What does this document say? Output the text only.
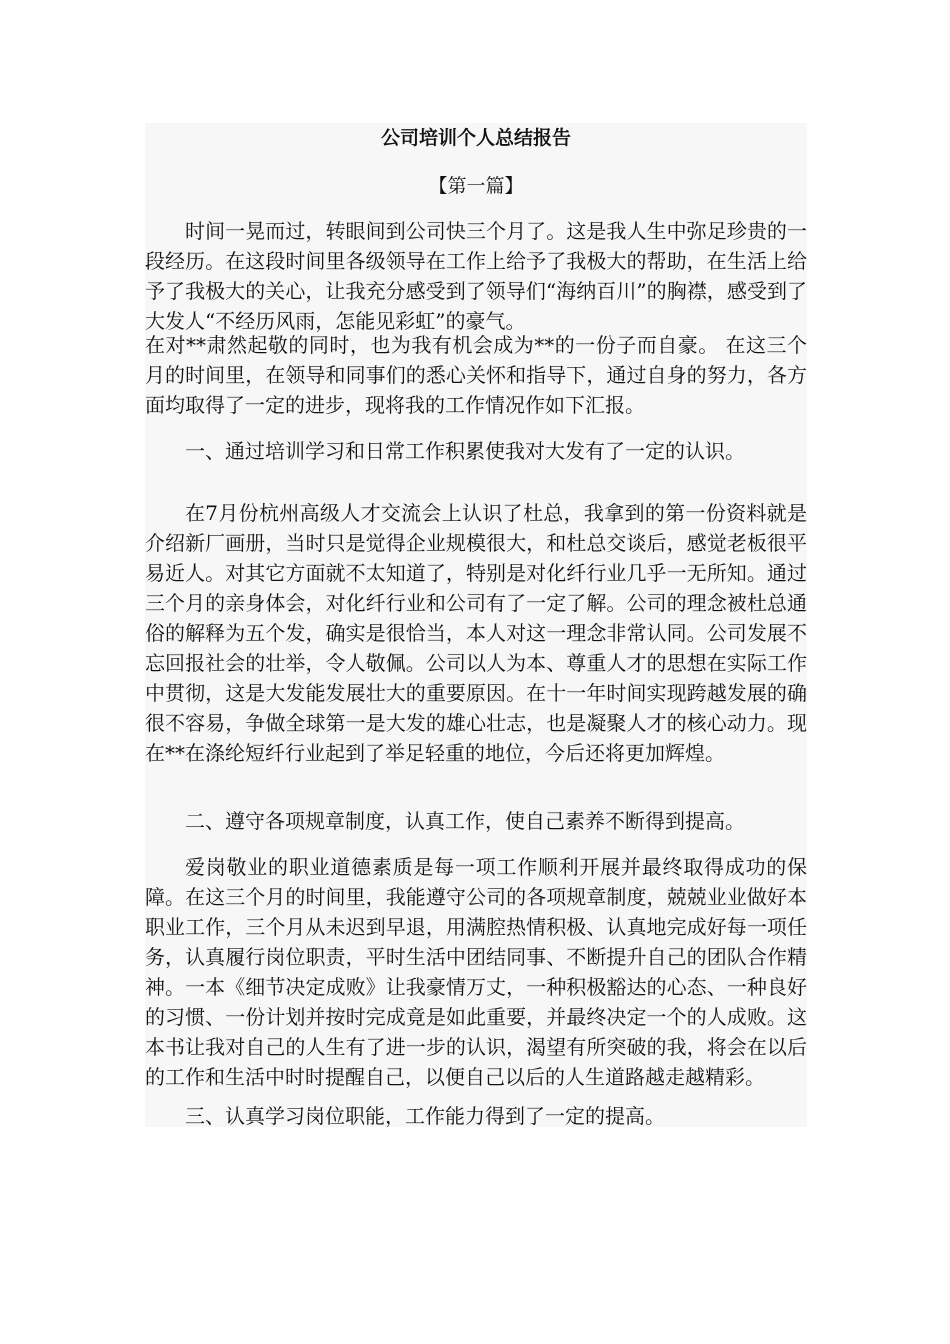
公司培训个人总结报告
【第一篇】

时间一晃而过，转眼间到公司快三个月了。这是我人生中弥足珍贵的一段经历。在这段时间里各级领导在工作上给予了我极大的帮助，在生活上给予了我极大的关心，让我充分感受到了领导们“海纳百川”的胸襟，感受到了大发人“不经历风雨，怎能见彩虹”的豪气。

在对**肃然起敬的同时，也为我有机会成为**的一份子而自豪。 在这三个月的时间里，在领导和同事们的悉心关怀和指导下，通过自身的努力，各方面均取得了一定的进步，现将我的工作情况作如下汇报。

一、通过培训学习和日常工作积累使我对大发有了一定的认识。

在7月份杭州高级人才交流会上认识了杜总，我拿到的第一份资料就是介绍新厂画册，当时只是觉得企业规模很大，和杜总交谈后，感觉老板很平易近人。对其它方面就不太知道了，特别是对化纤行业几乎一无所知。通过三个月的亲身体会，对化纤行业和公司有了一定了解。公司的理念被杜总通俗的解释为五个发，确实是很恰当，本人对这一理念非常认同。公司发展不忘回报社会的壮举，令人敬佩。公司以人为本、尊重人才的思想在实际工作中贯彻，这是大发能发展壮大的重要原因。在十一年时间实现跨越发展的确很不容易，争做全球第一是大发的雄心壮志，也是凝聚人才的核心动力。现在**在涤纶短纤行业起到了举足轻重的地位，今后还将更加辉煌。

二、遵守各项规章制度，认真工作，使自己素养不断得到提高。

爱岗敬业的职业道德素质是每一项工作顺利开展并最终取得成功的保障。在这三个月的时间里，我能遵守公司的各项规章制度，兢兢业业做好本职业工作，三个月从未迟到早退，用满腔热情积极、认真地完成好每一项任务，认真履行岗位职责，平时生活中团结同事、不断提升自己的团队合作精神。一本《细节决定成败》让我豪情万丈，一种积极豁达的心态、一种良好的习惯、一份计划并按时完成竟是如此重要，并最终决定一个的人成败。这本书让我对自己的人生有了进一步的认识，渴望有所突破的我，将会在以后的工作和生活中时时提醒自己，以便自己以后的人生道路越走越精彩。

三、认真学习岗位职能，工作能力得到了一定的提高。
